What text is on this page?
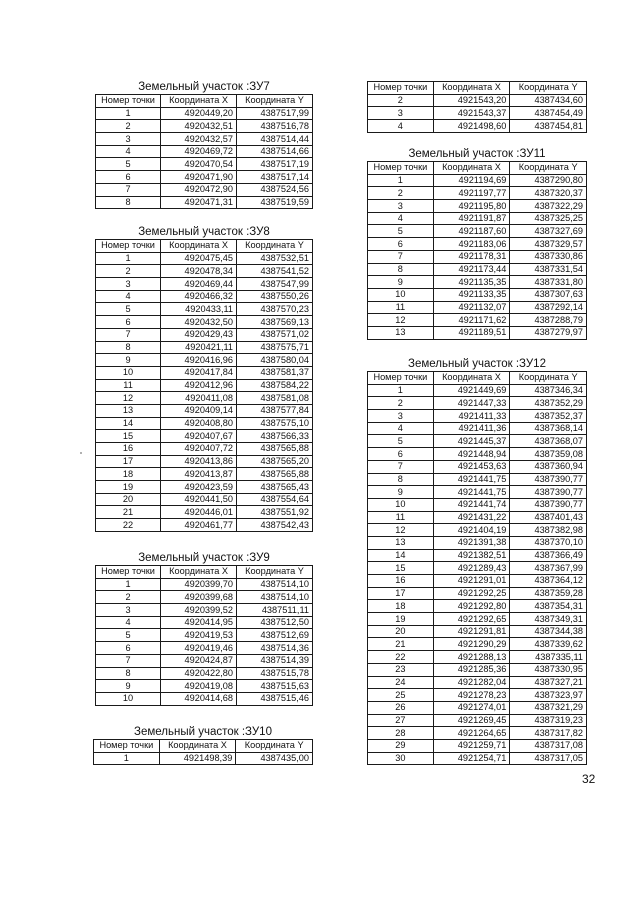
Земельный участок :ЗУ7
Номер точки	Координата X	Координата Y
1	4920449,20	4387517,99
2	4920432,51	4387516,78
3	4920432,57	4387514,44
4	4920469,72	4387514,66
5	4920470,54	4387517,19
6	4920471,90	4387517,14
7	4920472,90	4387524,56
8	4920471,31	4387519,59
Земельный участок :ЗУ8
Номер точки	Координата X	Координата Y
1	4920475,45	4387532,51
2	4920478,34	4387541,52
3	4920469,44	4387547,99
4	4920466,32	4387550,26
5	4920433,11	4387570,23
6	4920432,50	4387569,13
7	4920429,43	4387571,02
8	4920421,11	4387575,71
9	4920416,96	4387580,04
10	4920417,84	4387581,37
11	4920412,96	4387584,22
12	4920411,08	4387581,08
13	4920409,14	4387577,84
14	4920408,80	4387575,10
15	4920407,67	4387566,33
16	4920407,72	4387565,88
17	4920413,86	4387565,20
18	4920413,87	4387565,88
19	4920423,59	4387565,43
20	4920441,50	4387554,64
21	4920446,01	4387551,92
22	4920461,77	4387542,43
Земельный участок :ЗУ9
Номер точки	Координата X	Координата Y
1	4920399,70	4387514,10
2	4920399,68	4387514,10
3	4920399,52	4387511,11
4	4920414,95	4387512,50
5	4920419,53	4387512,69
6	4920419,46	4387514,36
7	4920424,87	4387514,39
8	4920422,80	4387515,78
9	4920419,08	4387515,63
10	4920414,68	4387515,46
Земельный участок :ЗУ10
Номер точки	Координата X	Координата Y
1	4921498,39	4387435,00
Номер точки	Координата X	Координата Y
2	4921543,20	4387434,60
3	4921543,37	4387454,49
4	4921498,60	4387454,81
Земельный участок :ЗУ11
Номер точки	Координата X	Координата Y
1	4921194,69	4387290,80
2	4921197,77	4387320,37
3	4921195,80	4387322,29
4	4921191,87	4387325,25
5	4921187,60	4387327,69
6	4921183,06	4387329,57
7	4921178,31	4387330,86
8	4921173,44	4387331,54
9	4921135,35	4387331,80
10	4921133,35	4387307,63
11	4921132,07	4387292,14
12	4921171,62	4387288,79
13	4921189,51	4387279,97
Земельный участок :ЗУ12
Номер точки	Координата X	Координата Y
1	4921449,69	4387346,34
2	4921447,33	4387352,29
3	4921411,33	4387352,37
4	4921411,36	4387368,14
5	4921445,37	4387368,07
6	4921448,94	4387359,08
7	4921453,63	4387360,94
8	4921441,75	4387390,77
9	4921441,75	4387390,77
10	4921441,74	4387390,77
11	4921431,22	4387401,43
12	4921404,19	4387382,98
13	4921391,38	4387370,10
14	4921382,51	4387366,49
15	4921289,43	4387367,99
16	4921291,01	4387364,12
17	4921292,25	4387359,28
18	4921292,80	4387354,31
19	4921292,65	4387349,31
20	4921291,81	4387344,38
21	4921290,29	4387339,62
22	4921288,13	4387335,11
23	4921285,36	4387330,95
24	4921282,04	4387327,21
25	4921278,23	4387323,97
26	4921274,01	4387321,29
27	4921269,45	4387319,23
28	4921264,65	4387317,82
29	4921259,71	4387317,08
30	4921254,71	4387317,05
32
